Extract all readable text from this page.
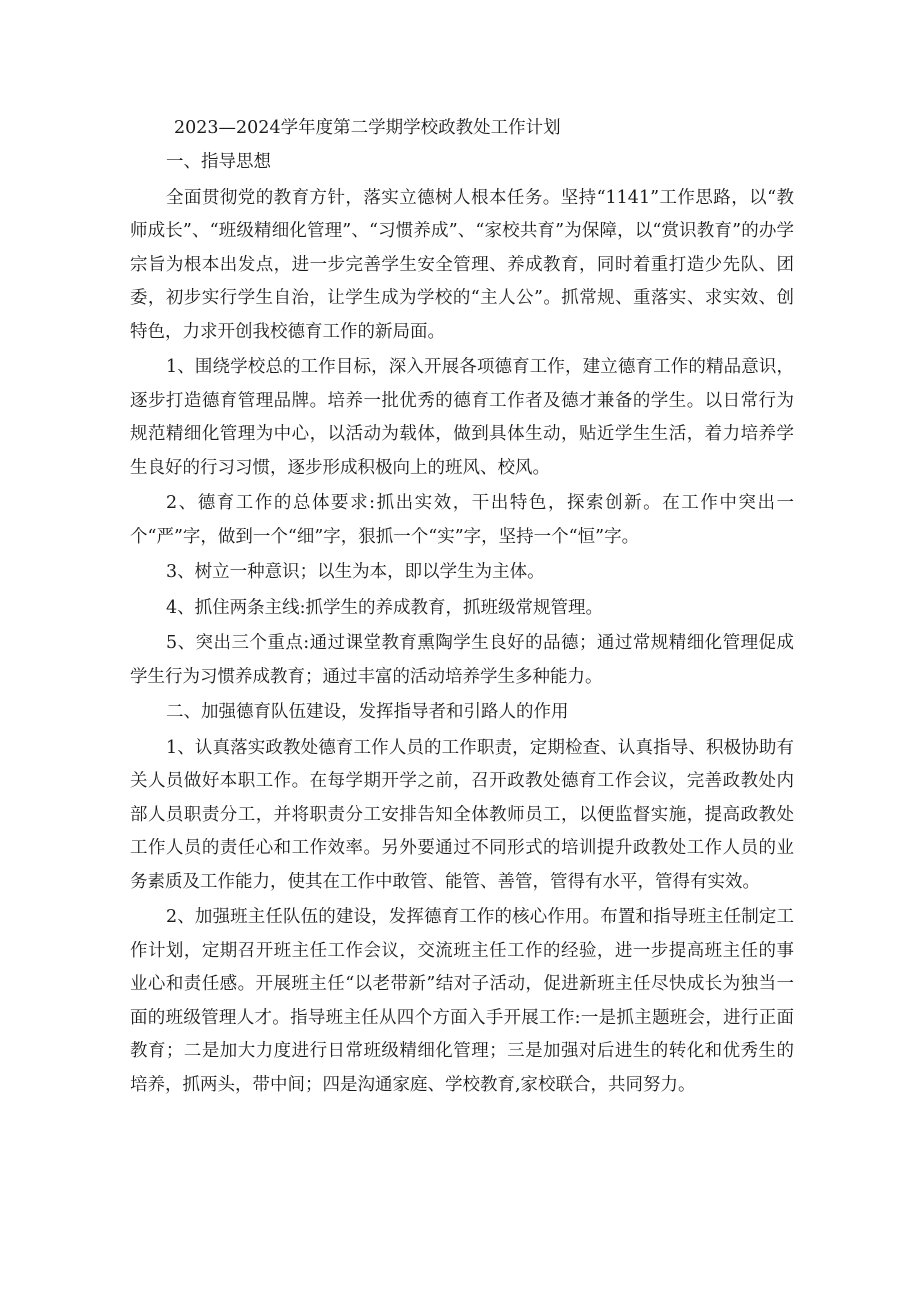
2023—2024学年度第二学期学校政教处工作计划

一、指导思想

全面贯彻党的教育方针，落实立德树人根本任务。坚持“1141”工作思路，以“教师成长”、“班级精细化管理”、“习惯养成”、“家校共育”为保障，以“赏识教育”的办学宗旨为根本出发点，进一步完善学生安全管理、养成教育，同时着重打造少先队、团委，初步实行学生自治，让学生成为学校的“主人公”。抓常规、重落实、求实效、创特色，力求开创我校德育工作的新局面。

1、围绕学校总的工作目标，深入开展各项德育工作，建立德育工作的精品意识，逐步打造德育管理品牌。培养一批优秀的德育工作者及德才兼备的学生。以日常行为规范精细化管理为中心，以活动为载体，做到具体生动，贴近学生生活，着力培养学生良好的行习习惯，逐步形成积极向上的班风、校风。

2、德育工作的总体要求:抓出实效，干出特色，探索创新。在工作中突出一个“严”字，做到一个“细”字，狠抓一个“实”字，坚持一个“恒”字。

3、树立一种意识；以生为本，即以学生为主体。

4、抓住两条主线:抓学生的养成教育，抓班级常规管理。

5、突出三个重点:通过课堂教育熏陶学生良好的品德；通过常规精细化管理促成学生行为习惯养成教育；通过丰富的活动培养学生多种能力。

二、加强德育队伍建设，发挥指导者和引路人的作用

1、认真落实政教处德育工作人员的工作职责，定期检查、认真指导、积极协助有关人员做好本职工作。在每学期开学之前，召开政教处德育工作会议，完善政教处内部人员职责分工，并将职责分工安排告知全体教师员工，以便监督实施，提高政教处工作人员的责任心和工作效率。另外要通过不同形式的培训提升政教处工作人员的业务素质及工作能力，使其在工作中敢管、能管、善管，管得有水平，管得有实效。

2、加强班主任队伍的建设，发挥德育工作的核心作用。布置和指导班主任制定工作计划，定期召开班主任工作会议，交流班主任工作的经验，进一步提高班主任的事业心和责任感。开展班主任“以老带新”结对子活动，促进新班主任尽快成长为独当一面的班级管理人才。指导班主任从四个方面入手开展工作:一是抓主题班会，进行正面教育；二是加大力度进行日常班级精细化管理；三是加强对后进生的转化和优秀生的培养，抓两头，带中间；四是沟通家庭、学校教育,家校联合，共同努力。
